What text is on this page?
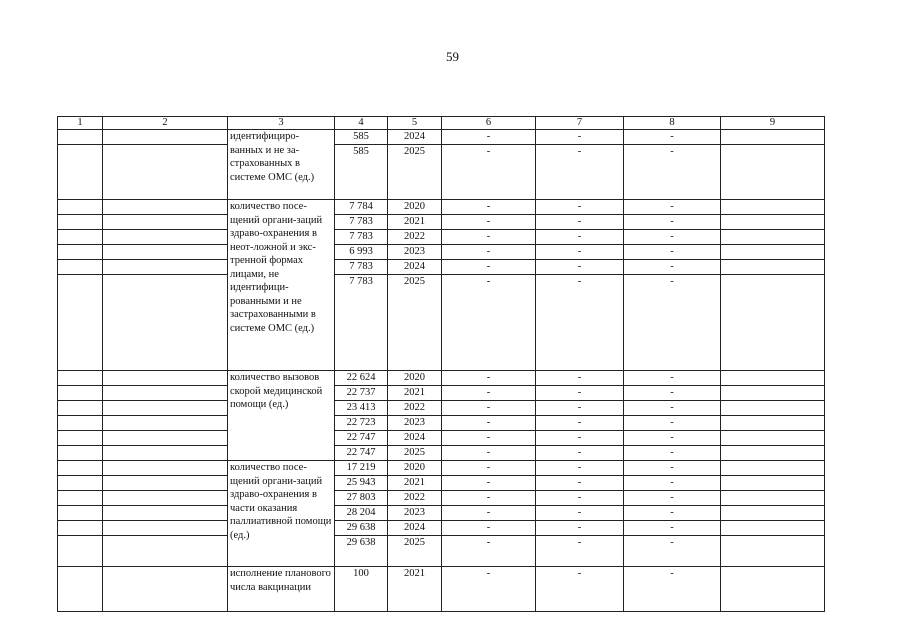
59
1	2	3	4	5	6	7	8	9
		идентифициро-ванных и не за-страхованных в системе ОМС (ед.)	585	2024	-	-	-	
			585	2025	-	-	-	
		количество посе-щений органи-заций здраво-охранения в неот-ложной и экс-тренной формах лицами, не идентифици-рованными и не застрахованными в системе ОМС (ед.)	7 784	2020	-	-	-	
			7 783	2021	-	-	-	
			7 783	2022	-	-	-	
			6 993	2023	-	-	-	
			7 783	2024	-	-	-	
			7 783	2025	-	-	-	
		количество вызовов скорой медицинской помощи (ед.)	22 624	2020	-	-	-	
			22 737	2021	-	-	-	
			23 413	2022	-	-	-	
			22 723	2023	-	-	-	
			22 747	2024	-	-	-	
			22 747	2025	-	-	-	
		количество посе-щений органи-заций здраво-охранения в части оказания паллиативной помощи (ед.)	17 219	2020	-	-	-	
			25 943	2021	-	-	-	
			27 803	2022	-	-	-	
			28 204	2023	-	-	-	
			29 638	2024	-	-	-	
			29 638	2025	-	-	-	
		исполнение планового числа вакцинации	100	2021	-	-	-	
